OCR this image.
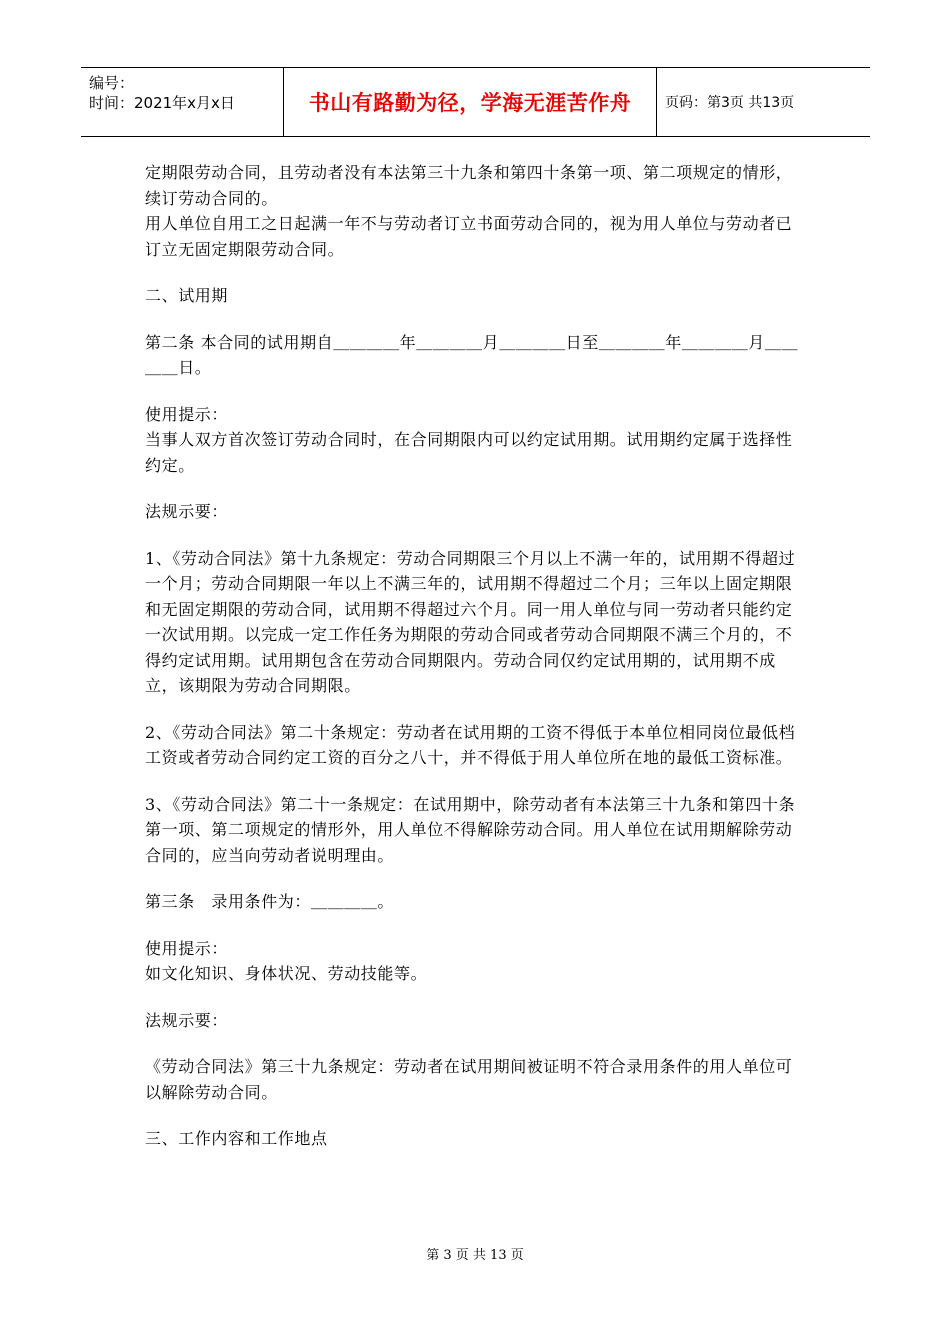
编号：
时间：2021年x月x日	书山有路勤为径，学海无涯苦作舟	页码：第3页 共13页

定期限劳动合同，且劳动者没有本法第三十九条和第四十条第一项、第二项规定的情形，续订劳动合同的。

用人单位自用工之日起满一年不与劳动者订立书面劳动合同的，视为用人单位与劳动者已订立无固定期限劳动合同。

二、试用期

第二条 本合同的试用期自＿＿＿＿年＿＿＿＿月＿＿＿＿日至＿＿＿＿年＿＿＿＿月＿＿＿＿日。

使用提示：

当事人双方首次签订劳动合同时，在合同期限内可以约定试用期。试用期约定属于选择性约定。

法规示要：

1、《劳动合同法》第十九条规定：劳动合同期限三个月以上不满一年的，试用期不得超过一个月；劳动合同期限一年以上不满三年的，试用期不得超过二个月；三年以上固定期限和无固定期限的劳动合同，试用期不得超过六个月。同一用人单位与同一劳动者只能约定一次试用期。以完成一定工作任务为期限的劳动合同或者劳动合同期限不满三个月的，不得约定试用期。试用期包含在劳动合同期限内。劳动合同仅约定试用期的，试用期不成立，该期限为劳动合同期限。

2、《劳动合同法》第二十条规定：劳动者在试用期的工资不得低于本单位相同岗位最低档工资或者劳动合同约定工资的百分之八十，并不得低于用人单位所在地的最低工资标准。

3、《劳动合同法》第二十一条规定：在试用期中，除劳动者有本法第三十九条和第四十条第一项、第二项规定的情形外，用人单位不得解除劳动合同。用人单位在试用期解除劳动合同的，应当向劳动者说明理由。

第三条　录用条件为：＿＿＿＿。

使用提示：

如文化知识、身体状况、劳动技能等。

法规示要：

《劳动合同法》第三十九条规定：劳动者在试用期间被证明不符合录用条件的用人单位可以解除劳动合同。

三、工作内容和工作地点

第 3 页 共 13 页
